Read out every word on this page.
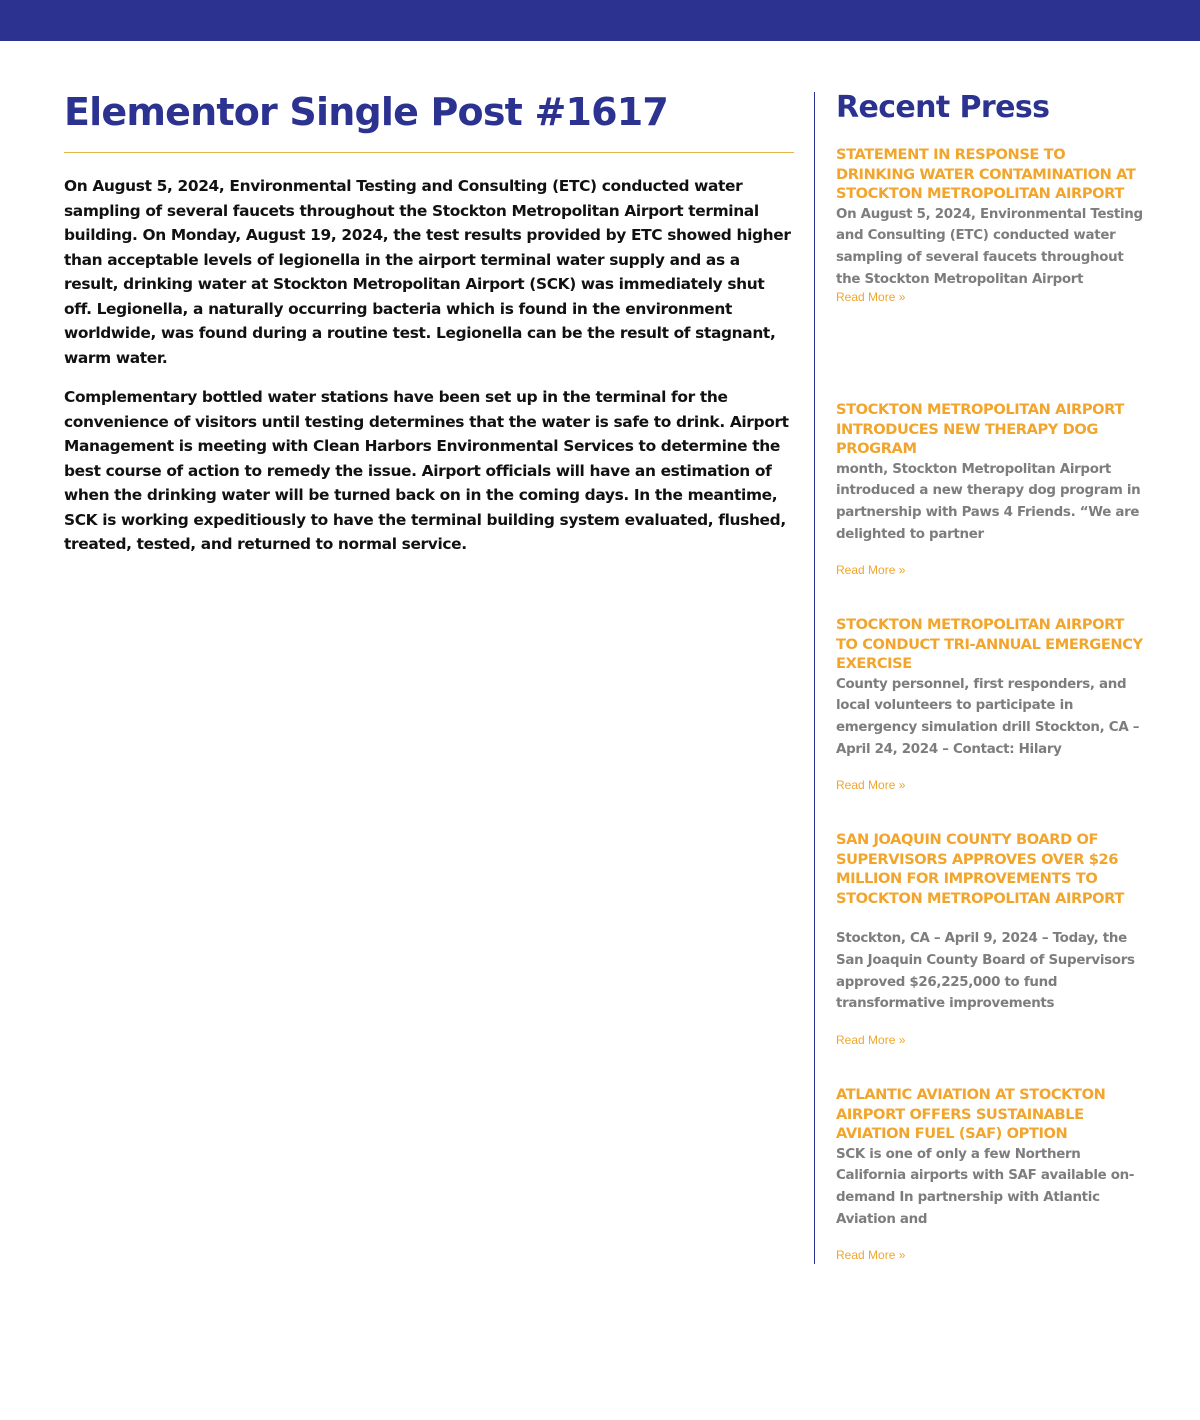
Elementor Single Post #1617

On August 5, 2024, Environmental Testing and Consulting (ETC) conducted water sampling of several faucets throughout the Stockton Metropolitan Airport terminal building. On Monday, August 19, 2024, the test results provided by ETC showed higher than acceptable levels of legionella in the airport terminal water supply and as a result, drinking water at Stockton Metropolitan Airport (SCK) was immediately shut off. Legionella, a naturally occurring bacteria which is found in the environment worldwide, was found during a routine test. Legionella can be the result of stagnant, warm water.

Complementary bottled water stations have been set up in the terminal for the convenience of visitors until testing determines that the water is safe to drink. Airport Management is meeting with Clean Harbors Environmental Services to determine the best course of action to remedy the issue. Airport officials will have an estimation of when the drinking water will be turned back on in the coming days. In the meantime, SCK is working expeditiously to have the terminal building system evaluated, flushed, treated, tested, and returned to normal service.

Recent Press
STATEMENT IN RESPONSE TO DRINKING WATER CONTAMINATION AT STOCKTON METROPOLITAN AIRPORT

On August 5, 2024, Environmental Testing and Consulting (ETC) conducted water sampling of several faucets throughout the Stockton Metropolitan Airport

Read More »
STOCKTON METROPOLITAN AIRPORT INTRODUCES NEW THERAPY DOG PROGRAM

month, Stockton Metropolitan Airport introduced a new therapy dog program in partnership with Paws 4 Friends. “We are delighted to partner

Read More »
STOCKTON METROPOLITAN AIRPORT TO CONDUCT TRI-ANNUAL EMERGENCY EXERCISE

County personnel, first responders, and local volunteers to participate in emergency simulation drill Stockton, CA – April 24, 2024 – Contact: Hilary

Read More »
SAN JOAQUIN COUNTY BOARD OF SUPERVISORS APPROVES OVER $26 MILLION FOR IMPROVEMENTS TO STOCKTON METROPOLITAN AIRPORT

Stockton, CA – April 9, 2024 – Today, the San Joaquin County Board of Supervisors approved $26,225,000 to fund transformative improvements

Read More »
ATLANTIC AVIATION AT STOCKTON AIRPORT OFFERS SUSTAINABLE AVIATION FUEL (SAF) OPTION

SCK is one of only a few Northern California airports with SAF available on-demand In partnership with Atlantic Aviation and

Read More »
